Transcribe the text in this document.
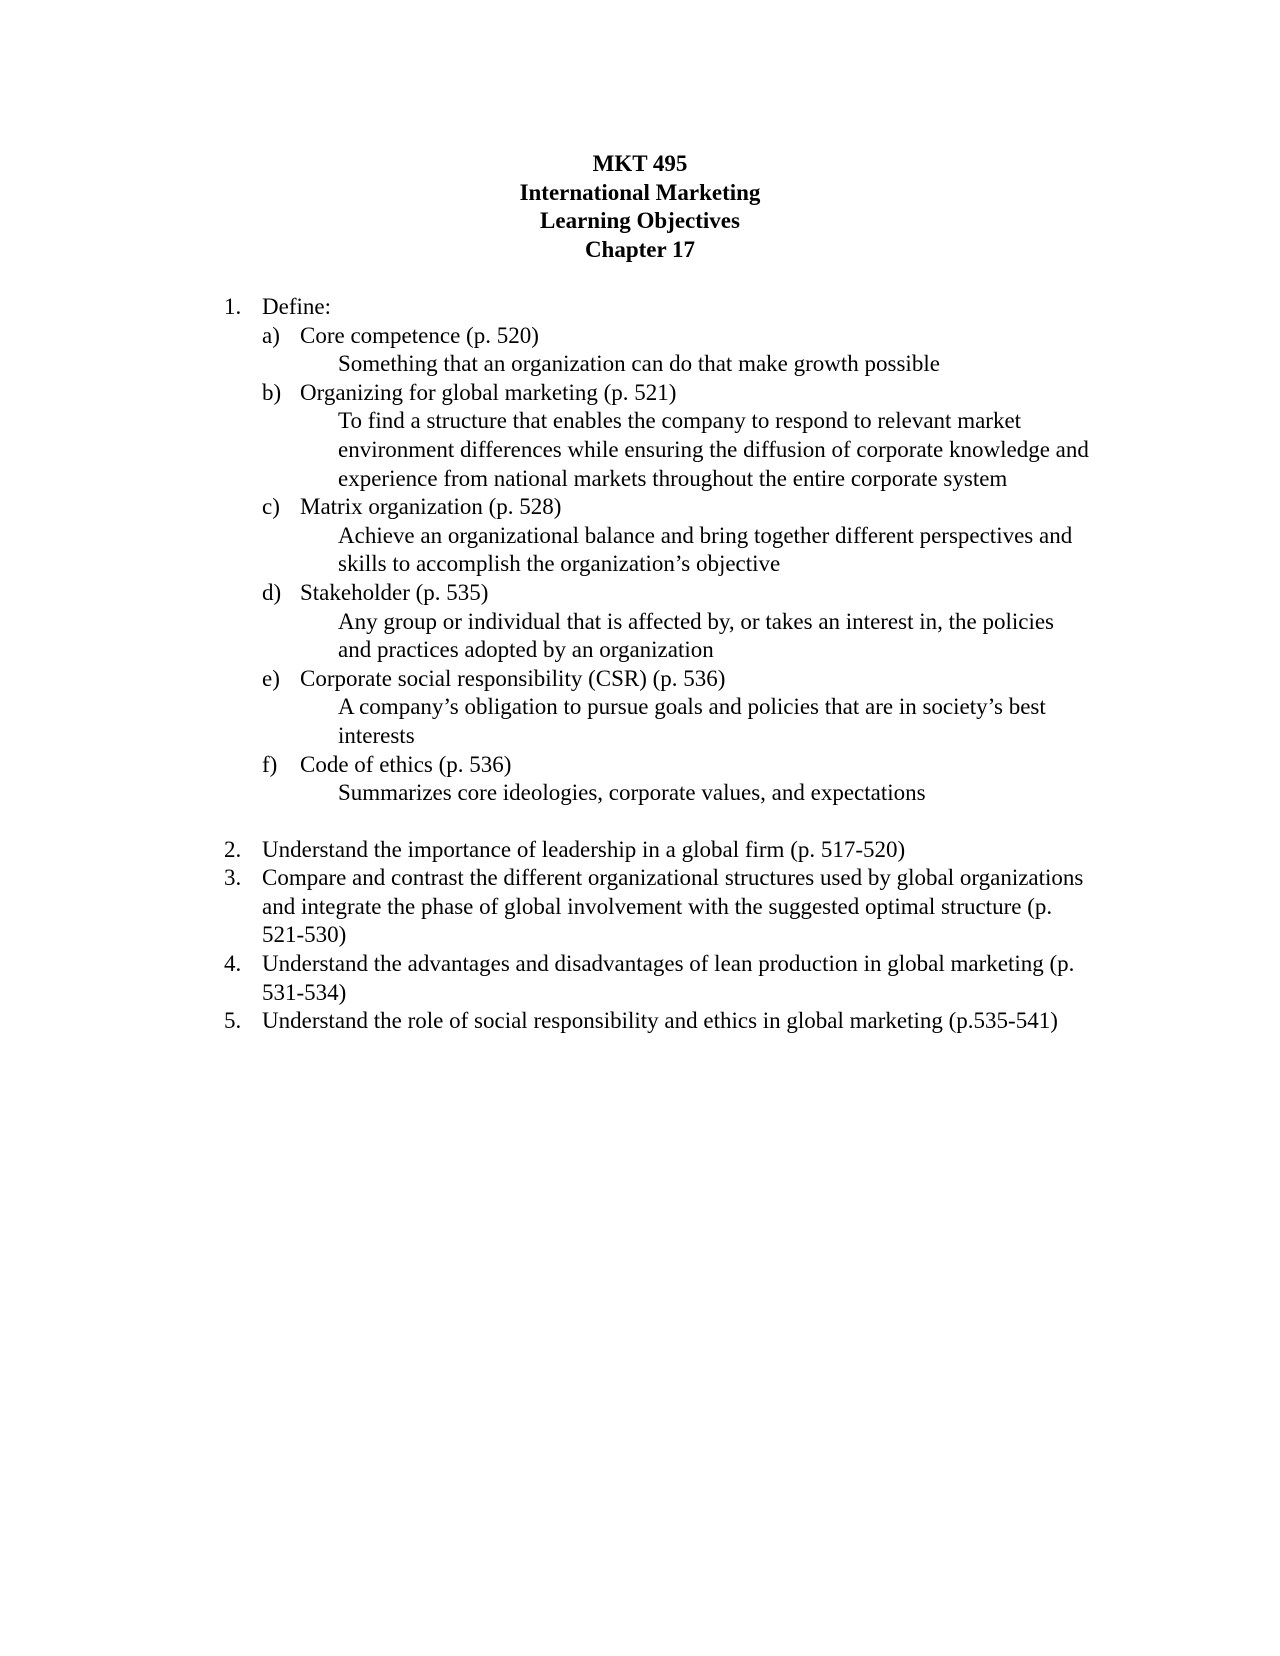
MKT 495
International Marketing
Learning Objectives
Chapter 17
1. Define:
a) Core competence (p. 520)
Something that an organization can do that make growth possible
b) Organizing for global marketing (p. 521)
To find a structure that enables the company to respond to relevant market environment differences while ensuring the diffusion of corporate knowledge and experience from national markets throughout the entire corporate system
c) Matrix organization (p. 528)
Achieve an organizational balance and bring together different perspectives and skills to accomplish the organization’s objective
d) Stakeholder (p. 535)
Any group or individual that is affected by, or takes an interest in, the policies and practices adopted by an organization
e) Corporate social responsibility (CSR) (p. 536)
A company’s obligation to pursue goals and policies that are in society’s best interests
f) Code of ethics (p. 536)
Summarizes core ideologies, corporate values, and expectations
2. Understand the importance of leadership in a global firm (p. 517-520)
3. Compare and contrast the different organizational structures used by global organizations and integrate the phase of global involvement with the suggested optimal structure (p. 521-530)
4. Understand the advantages and disadvantages of lean production in global marketing (p. 531-534)
5. Understand the role of social responsibility and ethics in global marketing (p.535-541)
